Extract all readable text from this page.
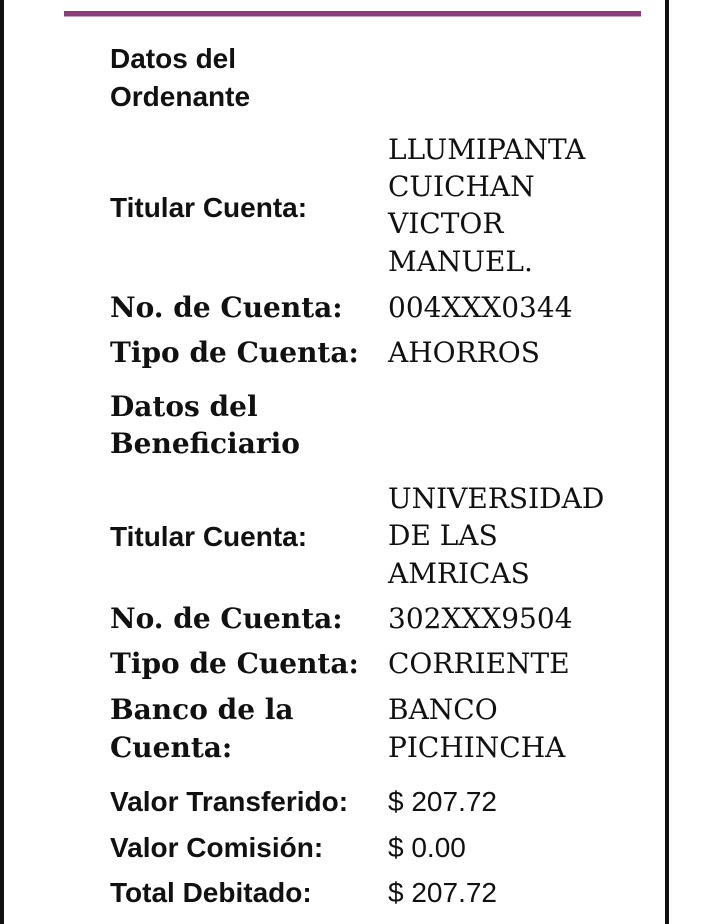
Datos del
Ordenante
Titular Cuenta:
LLUMIPANTA
CUICHAN
VICTOR
MANUEL.
No. de Cuenta: 004XXX0344
Tipo de Cuenta: AHORROS
Datos del
Beneficiario
Titular Cuenta:
UNIVERSIDAD
DE LAS
AMRICAS
No. de Cuenta: 302XXX9504
Tipo de Cuenta: CORRIENTE
Banco de la
Cuenta:
BANCO
PICHINCHA
Valor Transferido: $ 207.72
Valor Comisión: $ 0.00
Total Debitado:	$ 207.72
